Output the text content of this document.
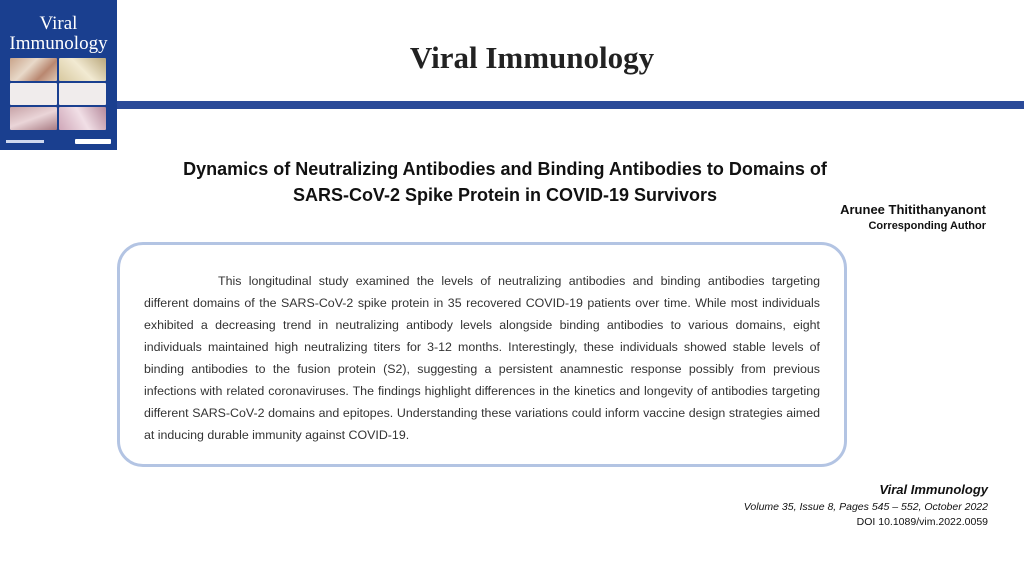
Viral
Immunology	Viral Immunology
Dynamics of Neutralizing Antibodies and Binding Antibodies to Domains of
SARS-CoV-2 Spike Protein in COVID-19 Survivors
Arunee Thitithanyanont
Corresponding Author

This longitudinal study examined the levels of neutralizing antibodies and binding antibodies targeting different domains of the SARS-CoV-2 spike protein in 35 recovered COVID-19 patients over time. While most individuals exhibited a decreasing trend in neutralizing antibody levels alongside binding antibodies to various domains, eight individuals maintained high neutralizing titers for 3-12 months. Interestingly, these individuals showed stable levels of binding antibodies to the fusion protein (S2), suggesting a persistent anamnestic response possibly from previous infections with related coronaviruses. The findings highlight differences in the kinetics and longevity of antibodies targeting different SARS-CoV-2 domains and epitopes. Understanding these variations could inform vaccine design strategies aimed at inducing durable immunity against COVID-19.

Viral Immunology
Volume 35, Issue 8, Pages 545 – 552, October 2022
DOI 10.1089/vim.2022.0059
